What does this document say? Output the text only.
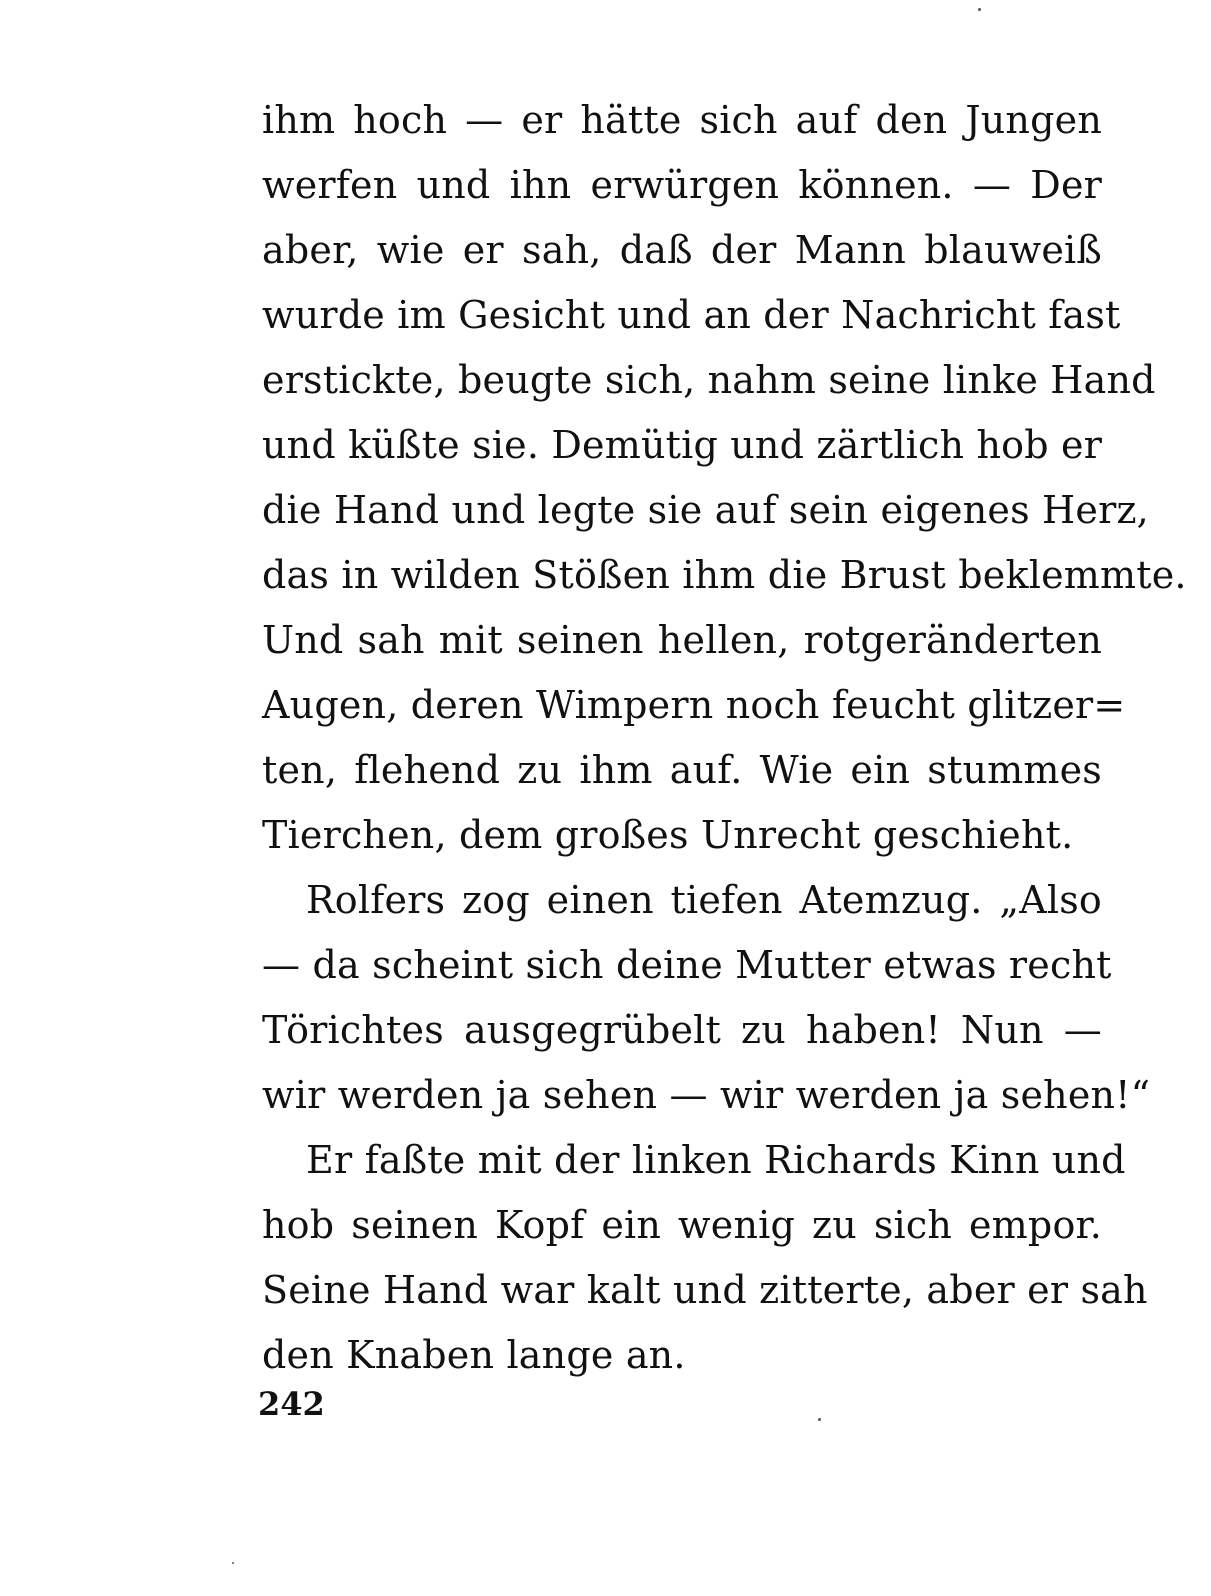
ihm hoch — er hätte sich auf den Jungen
werfen und ihn erwürgen können. — Der
aber, wie er sah, daß der Mann blauweiß
wurde im Gesicht und an der Nachricht fast
erstickte, beugte sich, nahm seine linke Hand
und küßte sie. Demütig und zärtlich hob er
die Hand und legte sie auf sein eigenes Herz,
das in wilden Stößen ihm die Brust beklemmte.
Und sah mit seinen hellen, rotgeränderten
Augen, deren Wimpern noch feucht glitzer=
ten, flehend zu ihm auf. Wie ein stummes
Tierchen, dem großes Unrecht geschieht.
Rolfers zog einen tiefen Atemzug. „Also
— da scheint sich deine Mutter etwas recht
Törichtes ausgegrübelt zu haben! Nun —
wir werden ja sehen — wir werden ja sehen!“
Er faßte mit der linken Richards Kinn und
hob seinen Kopf ein wenig zu sich empor.
Seine Hand war kalt und zitterte, aber er sah
den Knaben lange an.
242
